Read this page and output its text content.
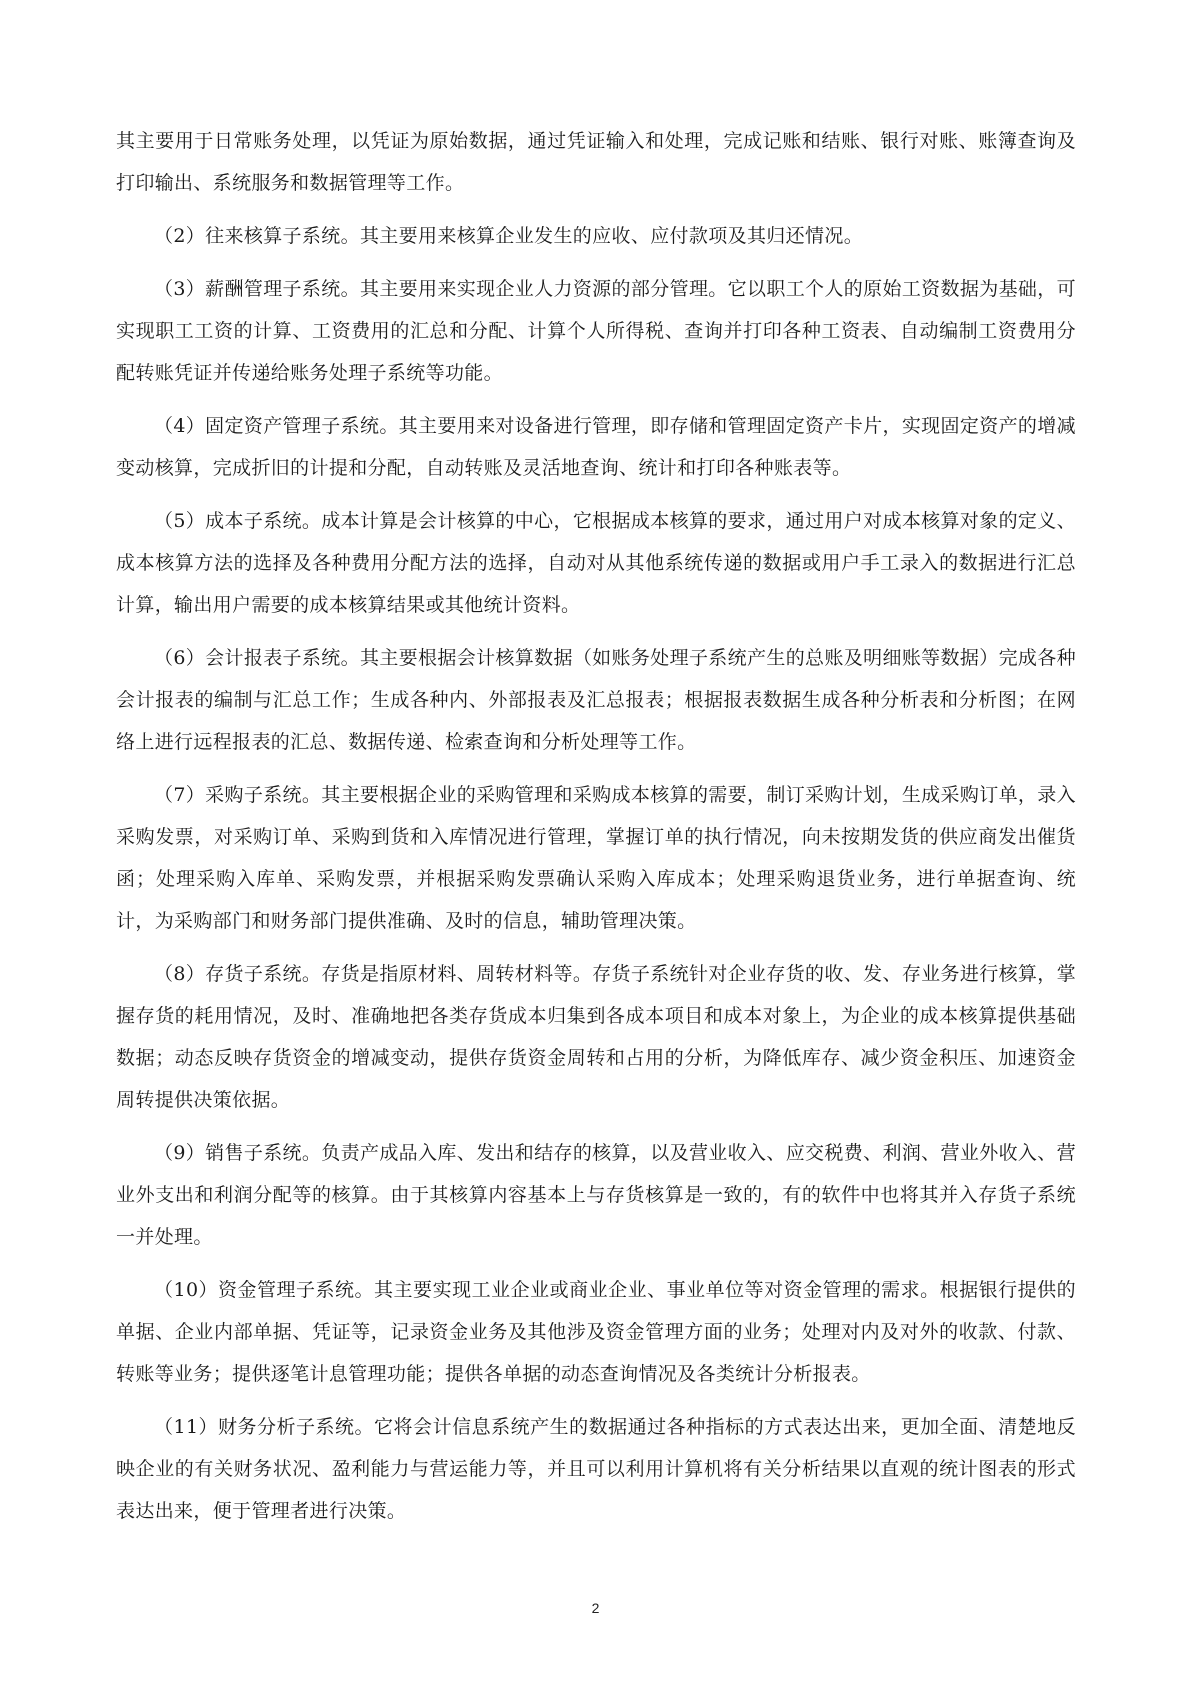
其主要用于日常账务处理，以凭证为原始数据，通过凭证输入和处理，完成记账和结账、银行对账、账簿查询及打印输出、系统服务和数据管理等工作。

（2）往来核算子系统。其主要用来核算企业发生的应收、应付款项及其归还情况。

（3）薪酬管理子系统。其主要用来实现企业人力资源的部分管理。它以职工个人的原始工资数据为基础，可实现职工工资的计算、工资费用的汇总和分配、计算个人所得税、查询并打印各种工资表、自动编制工资费用分配转账凭证并传递给账务处理子系统等功能。

（4）固定资产管理子系统。其主要用来对设备进行管理，即存储和管理固定资产卡片，实现固定资产的增减变动核算，完成折旧的计提和分配，自动转账及灵活地查询、统计和打印各种账表等。

（5）成本子系统。成本计算是会计核算的中心，它根据成本核算的要求，通过用户对成本核算对象的定义、成本核算方法的选择及各种费用分配方法的选择，自动对从其他系统传递的数据或用户手工录入的数据进行汇总计算，输出用户需要的成本核算结果或其他统计资料。

（6）会计报表子系统。其主要根据会计核算数据（如账务处理子系统产生的总账及明细账等数据）完成各种会计报表的编制与汇总工作；生成各种内、外部报表及汇总报表；根据报表数据生成各种分析表和分析图；在网络上进行远程报表的汇总、数据传递、检索查询和分析处理等工作。

（7）采购子系统。其主要根据企业的采购管理和采购成本核算的需要，制订采购计划，生成采购订单，录入采购发票，对采购订单、采购到货和入库情况进行管理，掌握订单的执行情况，向未按期发货的供应商发出催货函；处理采购入库单、采购发票，并根据采购发票确认采购入库成本；处理采购退货业务，进行单据查询、统计，为采购部门和财务部门提供准确、及时的信息，辅助管理决策。

（8）存货子系统。存货是指原材料、周转材料等。存货子系统针对企业存货的收、发、存业务进行核算，掌握存货的耗用情况，及时、准确地把各类存货成本归集到各成本项目和成本对象上，为企业的成本核算提供基础数据；动态反映存货资金的增减变动，提供存货资金周转和占用的分析，为降低库存、减少资金积压、加速资金周转提供决策依据。

（9）销售子系统。负责产成品入库、发出和结存的核算，以及营业收入、应交税费、利润、营业外收入、营业外支出和利润分配等的核算。由于其核算内容基本上与存货核算是一致的，有的软件中也将其并入存货子系统一并处理。

（10）资金管理子系统。其主要实现工业企业或商业企业、事业单位等对资金管理的需求。根据银行提供的单据、企业内部单据、凭证等，记录资金业务及其他涉及资金管理方面的业务；处理对内及对外的收款、付款、转账等业务；提供逐笔计息管理功能；提供各单据的动态查询情况及各类统计分析报表。

（11）财务分析子系统。它将会计信息系统产生的数据通过各种指标的方式表达出来，更加全面、清楚地反映企业的有关财务状况、盈利能力与营运能力等，并且可以利用计算机将有关分析结果以直观的统计图表的形式表达出来，便于管理者进行决策。

2
